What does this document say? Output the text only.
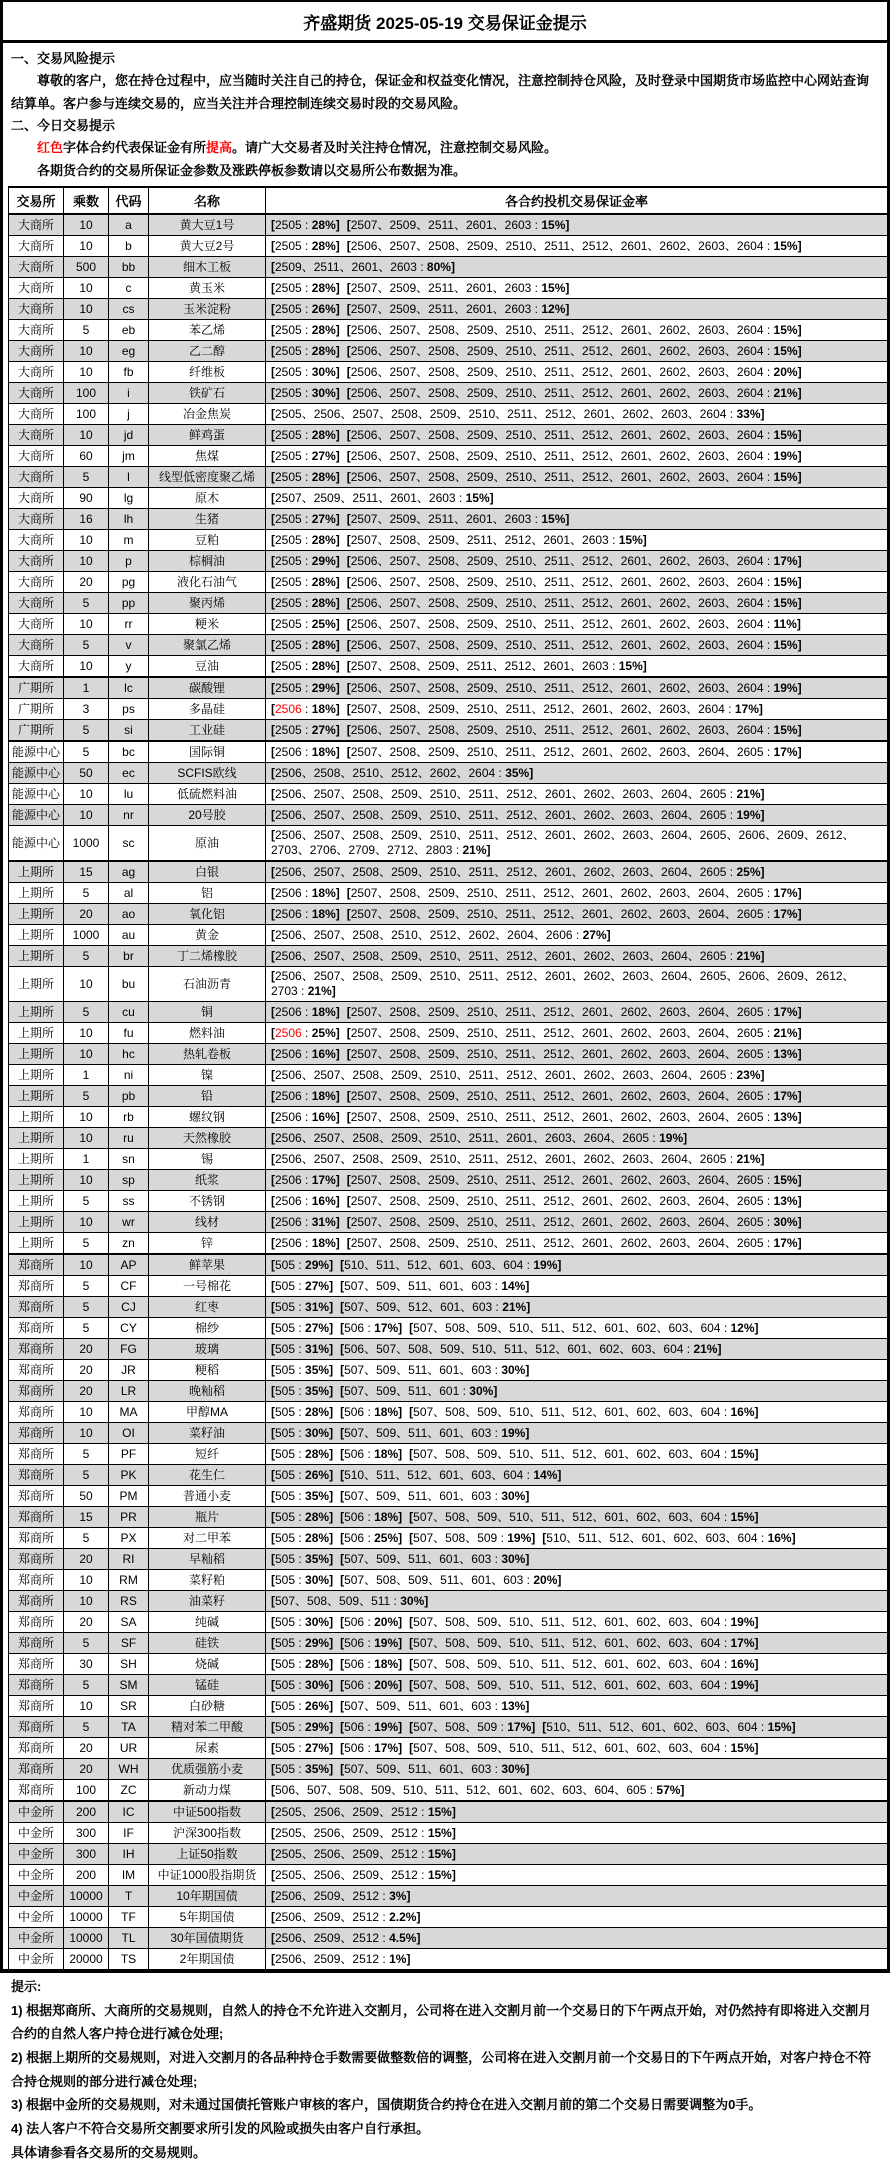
齐盛期货 2025-05-19 交易保证金提示
一、交易风险提示
尊敬的客户，您在持仓过程中，应当随时关注自己的持仓，保证金和权益变化情况，注意控制持仓风险，及时登录中国期货市场监控中心网站查询结算单。客户参与连续交易的，应当关注并合理控制连续交易时段的交易风险。
二、今日交易提示
红色字体合约代表保证金有所提高。请广大交易者及时关注持仓情况，注意控制交易风险。
各期货合约的交易所保证金参数及涨跌停板参数请以交易所公布数据为准。
交易所	乘数	代码	名称	各合约投机交易保证金率
大商所	10	a	黄大豆1号	[2505 : 28%] [2507、2509、2511、2601、2603 : 15%]
大商所	10	b	黄大豆2号	[2505 : 28%] [2506、2507、2508、2509、2510、2511、2512、2601、2602、2603、2604 : 15%]
大商所	500	bb	细木工板	[2509、2511、2601、2603 : 80%]
大商所	10	c	黄玉米	[2505 : 28%] [2507、2509、2511、2601、2603 : 15%]
大商所	10	cs	玉米淀粉	[2505 : 26%] [2507、2509、2511、2601、2603 : 12%]
大商所	5	eb	苯乙烯	[2505 : 28%] [2506、2507、2508、2509、2510、2511、2512、2601、2602、2603、2604 : 15%]
大商所	10	eg	乙二醇	[2505 : 28%] [2506、2507、2508、2509、2510、2511、2512、2601、2602、2603、2604 : 15%]
大商所	10	fb	纤维板	[2505 : 30%] [2506、2507、2508、2509、2510、2511、2512、2601、2602、2603、2604 : 20%]
大商所	100	i	铁矿石	[2505 : 30%] [2506、2507、2508、2509、2510、2511、2512、2601、2602、2603、2604 : 21%]
大商所	100	j	冶金焦炭	[2505、2506、2507、2508、2509、2510、2511、2512、2601、2602、2603、2604 : 33%]
大商所	10	jd	鲜鸡蛋	[2505 : 28%] [2506、2507、2508、2509、2510、2511、2512、2601、2602、2603、2604 : 15%]
大商所	60	jm	焦煤	[2505 : 27%] [2506、2507、2508、2509、2510、2511、2512、2601、2602、2603、2604 : 19%]
大商所	5	l	线型低密度聚乙烯	[2505 : 28%] [2506、2507、2508、2509、2510、2511、2512、2601、2602、2603、2604 : 15%]
大商所	90	lg	原木	[2507、2509、2511、2601、2603 : 15%]
大商所	16	lh	生猪	[2505 : 27%] [2507、2509、2511、2601、2603 : 15%]
大商所	10	m	豆粕	[2505 : 28%] [2507、2508、2509、2511、2512、2601、2603 : 15%]
大商所	10	p	棕榈油	[2505 : 29%] [2506、2507、2508、2509、2510、2511、2512、2601、2602、2603、2604 : 17%]
大商所	20	pg	液化石油气	[2505 : 28%] [2506、2507、2508、2509、2510、2511、2512、2601、2602、2603、2604 : 15%]
大商所	5	pp	聚丙烯	[2505 : 28%] [2506、2507、2508、2509、2510、2511、2512、2601、2602、2603、2604 : 15%]
大商所	10	rr	粳米	[2505 : 25%] [2506、2507、2508、2509、2510、2511、2512、2601、2602、2603、2604 : 11%]
大商所	5	v	聚氯乙烯	[2505 : 28%] [2506、2507、2508、2509、2510、2511、2512、2601、2602、2603、2604 : 15%]
大商所	10	y	豆油	[2505 : 28%] [2507、2508、2509、2511、2512、2601、2603 : 15%]
广期所	1	lc	碳酸锂	[2505 : 29%] [2506、2507、2508、2509、2510、2511、2512、2601、2602、2603、2604 : 19%]
广期所	3	ps	多晶硅	[2506 : 18%] [2507、2508、2509、2510、2511、2512、2601、2602、2603、2604 : 17%]
广期所	5	si	工业硅	[2505 : 27%] [2506、2507、2508、2509、2510、2511、2512、2601、2602、2603、2604 : 15%]
能源中心	5	bc	国际铜	[2506 : 18%] [2507、2508、2509、2510、2511、2512、2601、2602、2603、2604、2605 : 17%]
能源中心	50	ec	SCFIS欧线	[2506、2508、2510、2512、2602、2604 : 35%]
能源中心	10	lu	低硫燃料油	[2506、2507、2508、2509、2510、2511、2512、2601、2602、2603、2604、2605 : 21%]
能源中心	10	nr	20号胶	[2506、2507、2508、2509、2510、2511、2512、2601、2602、2603、2604、2605 : 19%]
能源中心	1000	sc	原油	[2506、2507、2508、2509、2510、2511、2512、2601、2602、2603、2604、2605、2606、2609、2612、2703、2706、2709、2712、2803 : 21%]
上期所	15	ag	白银	[2506、2507、2508、2509、2510、2511、2512、2601、2602、2603、2604、2605 : 25%]
上期所	5	al	铝	[2506 : 18%] [2507、2508、2509、2510、2511、2512、2601、2602、2603、2604、2605 : 17%]
上期所	20	ao	氧化铝	[2506 : 18%] [2507、2508、2509、2510、2511、2512、2601、2602、2603、2604、2605 : 17%]
上期所	1000	au	黄金	[2506、2507、2508、2510、2512、2602、2604、2606 : 27%]
上期所	5	br	丁二烯橡胶	[2506、2507、2508、2509、2510、2511、2512、2601、2602、2603、2604、2605 : 21%]
上期所	10	bu	石油沥青	[2506、2507、2508、2509、2510、2511、2512、2601、2602、2603、2604、2605、2606、2609、2612、2703 : 21%]
上期所	5	cu	铜	[2506 : 18%] [2507、2508、2509、2510、2511、2512、2601、2602、2603、2604、2605 : 17%]
上期所	10	fu	燃料油	[2506 : 25%] [2507、2508、2509、2510、2511、2512、2601、2602、2603、2604、2605 : 21%]
上期所	10	hc	热轧卷板	[2506 : 16%] [2507、2508、2509、2510、2511、2512、2601、2602、2603、2604、2605 : 13%]
上期所	1	ni	镍	[2506、2507、2508、2509、2510、2511、2512、2601、2602、2603、2604、2605 : 23%]
上期所	5	pb	铅	[2506 : 18%] [2507、2508、2509、2510、2511、2512、2601、2602、2603、2604、2605 : 17%]
上期所	10	rb	螺纹钢	[2506 : 16%] [2507、2508、2509、2510、2511、2512、2601、2602、2603、2604、2605 : 13%]
上期所	10	ru	天然橡胶	[2506、2507、2508、2509、2510、2511、2601、2603、2604、2605 : 19%]
上期所	1	sn	锡	[2506、2507、2508、2509、2510、2511、2512、2601、2602、2603、2604、2605 : 21%]
上期所	10	sp	纸浆	[2506 : 17%] [2507、2508、2509、2510、2511、2512、2601、2602、2603、2604、2605 : 15%]
上期所	5	ss	不锈钢	[2506 : 16%] [2507、2508、2509、2510、2511、2512、2601、2602、2603、2604、2605 : 13%]
上期所	10	wr	线材	[2506 : 31%] [2507、2508、2509、2510、2511、2512、2601、2602、2603、2604、2605 : 30%]
上期所	5	zn	锌	[2506 : 18%] [2507、2508、2509、2510、2511、2512、2601、2602、2603、2604、2605 : 17%]
郑商所	10	AP	鲜苹果	[505 : 29%] [510、511、512、601、603、604 : 19%]
郑商所	5	CF	一号棉花	[505 : 27%] [507、509、511、601、603 : 14%]
郑商所	5	CJ	红枣	[505 : 31%] [507、509、512、601、603 : 21%]
郑商所	5	CY	棉纱	[505 : 27%] [506 : 17%] [507、508、509、510、511、512、601、602、603、604 : 12%]
郑商所	20	FG	玻璃	[505 : 31%] [506、507、508、509、510、511、512、601、602、603、604 : 21%]
郑商所	20	JR	粳稻	[505 : 35%] [507、509、511、601、603 : 30%]
郑商所	20	LR	晚籼稻	[505 : 35%] [507、509、511、601 : 30%]
郑商所	10	MA	甲醇MA	[505 : 28%] [506 : 18%] [507、508、509、510、511、512、601、602、603、604 : 16%]
郑商所	10	OI	菜籽油	[505 : 30%] [507、509、511、601、603 : 19%]
郑商所	5	PF	短纤	[505 : 28%] [506 : 18%] [507、508、509、510、511、512、601、602、603、604 : 15%]
郑商所	5	PK	花生仁	[505 : 26%] [510、511、512、601、603、604 : 14%]
郑商所	50	PM	普通小麦	[505 : 35%] [507、509、511、601、603 : 30%]
郑商所	15	PR	瓶片	[505 : 28%] [506 : 18%] [507、508、509、510、511、512、601、602、603、604 : 15%]
郑商所	5	PX	对二甲苯	[505 : 28%] [506 : 25%] [507、508、509 : 19%] [510、511、512、601、602、603、604 : 16%]
郑商所	20	RI	早籼稻	[505 : 35%] [507、509、511、601、603 : 30%]
郑商所	10	RM	菜籽粕	[505 : 30%] [507、508、509、511、601、603 : 20%]
郑商所	10	RS	油菜籽	[507、508、509、511 : 30%]
郑商所	20	SA	纯碱	[505 : 30%] [506 : 20%] [507、508、509、510、511、512、601、602、603、604 : 19%]
郑商所	5	SF	硅铁	[505 : 29%] [506 : 19%] [507、508、509、510、511、512、601、602、603、604 : 17%]
郑商所	30	SH	烧碱	[505 : 28%] [506 : 18%] [507、508、509、510、511、512、601、602、603、604 : 16%]
郑商所	5	SM	锰硅	[505 : 30%] [506 : 20%] [507、508、509、510、511、512、601、602、603、604 : 19%]
郑商所	10	SR	白砂糖	[505 : 26%] [507、509、511、601、603 : 13%]
郑商所	5	TA	精对苯二甲酸	[505 : 29%] [506 : 19%] [507、508、509 : 17%] [510、511、512、601、602、603、604 : 15%]
郑商所	20	UR	尿素	[505 : 27%] [506 : 17%] [507、508、509、510、511、512、601、602、603、604 : 15%]
郑商所	20	WH	优质强筋小麦	[505 : 35%] [507、509、511、601、603 : 30%]
郑商所	100	ZC	新动力煤	[506、507、508、509、510、511、512、601、602、603、604、605 : 57%]
中金所	200	IC	中证500指数	[2505、2506、2509、2512 : 15%]
中金所	300	IF	沪深300指数	[2505、2506、2509、2512 : 15%]
中金所	300	IH	上证50指数	[2505、2506、2509、2512 : 15%]
中金所	200	IM	中证1000股指期货	[2505、2506、2509、2512 : 15%]
中金所	10000	T	10年期国债	[2506、2509、2512 : 3%]
中金所	10000	TF	5年期国债	[2506、2509、2512 : 2.2%]
中金所	10000	TL	30年国债期货	[2506、2509、2512 : 4.5%]
中金所	20000	TS	2年期国债	[2506、2509、2512 : 1%]
提示:
1) 根据郑商所、大商所的交易规则，自然人的持仓不允许进入交割月，公司将在进入交割月前一个交易日的下午两点开始，对仍然持有即将进入交割月合约的自然人客户持仓进行减仓处理;
2) 根据上期所的交易规则，对进入交割月的各品种持仓手数需要做整数倍的调整，公司将在进入交割月前一个交易日的下午两点开始，对客户持仓不符合持仓规则的部分进行减仓处理;
3) 根据中金所的交易规则，对未通过国债托管账户审核的客户，国债期货合约持仓在进入交割月前的第二个交易日需要调整为0手。
4) 法人客户不符合交易所交割要求所引发的风险或损失由客户自行承担。
具体请参看各交易所的交易规则。
